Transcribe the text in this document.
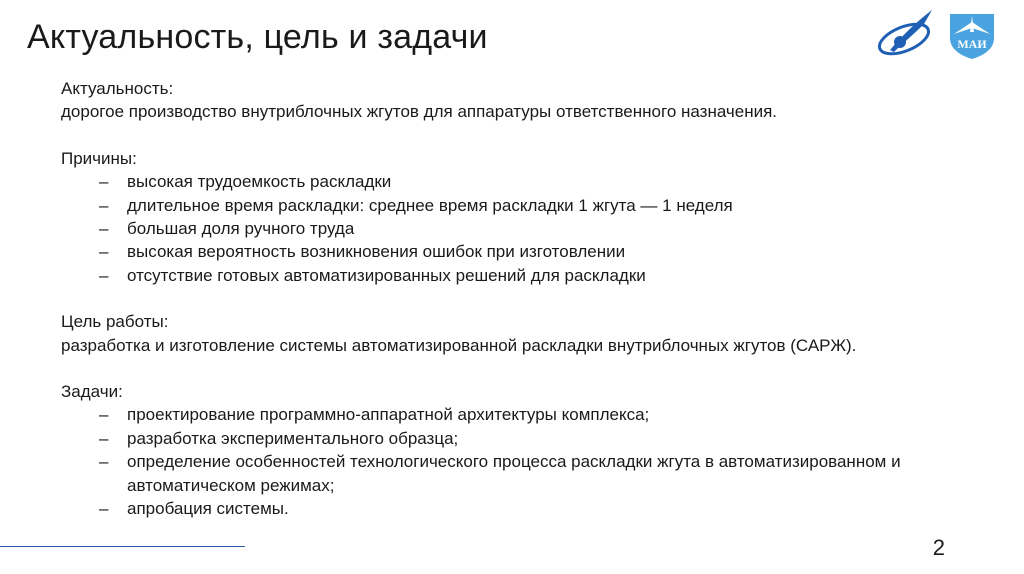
Актуальность, цель и задачи	МАИ
Актуальность:
дорогое производство внутриблочных жгутов для аппаратуры ответственного назначения.
Причины:
– высокая трудоемкость раскладки
– длительное время раскладки: среднее время раскладки 1 жгута — 1 неделя
– большая доля ручного труда
– высокая вероятность возникновения ошибок при изготовлении
– отсутствие готовых автоматизированных решений для раскладки
Цель работы:
разработка и изготовление системы автоматизированной раскладки внутриблочных жгутов (САРЖ).
Задачи:
– проектирование программно-аппаратной архитектуры комплекса;
– разработка экспериментального образца;
– определение особенностей технологического процесса раскладки жгута в автоматизированном и автоматическом режимах;
– апробация системы.
2
